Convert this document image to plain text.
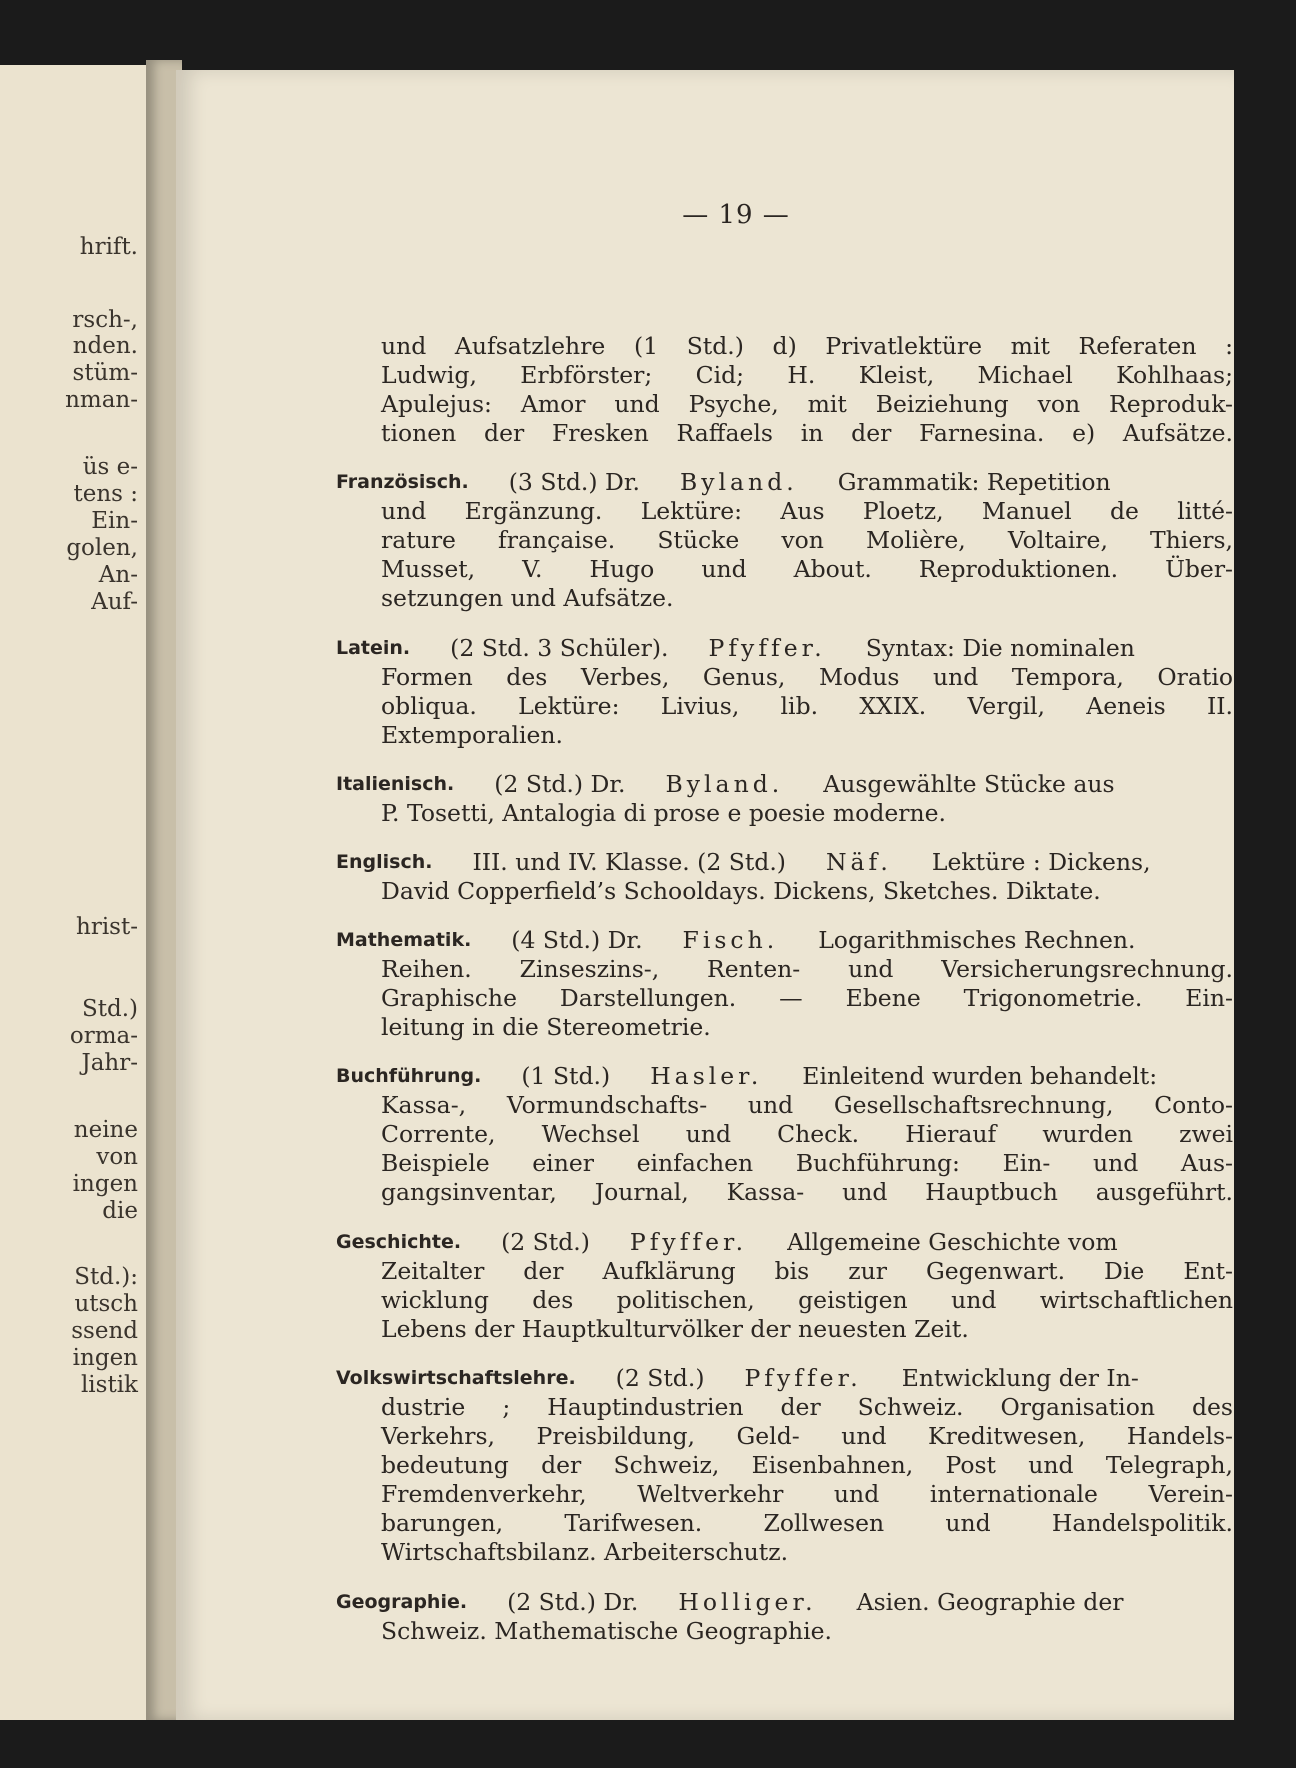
hrift.
rsch-,
nden.
stüm-
nman-
üs e-
tens :
Ein-
golen,
An-
Auf-
hrist-
Std.)
orma-
Jahr-
neine
von
ingen
die
Std.):
utsch
ssend
ingen
listik
— 19 —
und Aufsatzlehre (1 Std.) d) Privatlektüre mit Referaten :
Ludwig, Erbförster; Cid; H. Kleist, Michael Kohlhaas;
Apulejus: Amor und Psyche, mit Beiziehung von Reproduk-
tionen der Fresken Raffaels in der Farnesina. e) Aufsätze.
Französisch. (3 Std.) Dr. Byland. Grammatik: Repetition
und Ergänzung. Lektüre: Aus Ploetz, Manuel de litté-
rature française. Stücke von Molière, Voltaire, Thiers,
Musset, V. Hugo und About. Reproduktionen. Über-
setzungen und Aufsätze.
Latein. (2 Std. 3 Schüler). Pfyffer. Syntax: Die nominalen
Formen des Verbes, Genus, Modus und Tempora, Oratio
obliqua. Lektüre: Livius, lib. XXIX. Vergil, Aeneis II.
Extemporalien.
Italienisch. (2 Std.) Dr. Byland. Ausgewählte Stücke aus
P. Tosetti, Antalogia di prose e poesie moderne.
Englisch. III. und IV. Klasse. (2 Std.) Näf. Lektüre : Dickens,
David Copperfield’s Schooldays. Dickens, Sketches. Diktate.
Mathematik. (4 Std.) Dr. Fisch. Logarithmisches Rechnen.
Reihen. Zinseszins-, Renten- und Versicherungsrechnung.
Graphische Darstellungen. — Ebene Trigonometrie. Ein-
leitung in die Stereometrie.
Buchführung. (1 Std.) Hasler. Einleitend wurden behandelt:
Kassa-, Vormundschafts- und Gesellschaftsrechnung, Conto-
Corrente, Wechsel und Check. Hierauf wurden zwei
Beispiele einer einfachen Buchführung: Ein- und Aus-
gangsinventar, Journal, Kassa- und Hauptbuch ausgeführt.
Geschichte. (2 Std.) Pfyffer. Allgemeine Geschichte vom
Zeitalter der Aufklärung bis zur Gegenwart. Die Ent-
wicklung des politischen, geistigen und wirtschaftlichen
Lebens der Hauptkulturvölker der neuesten Zeit.
Volkswirtschaftslehre. (2 Std.) Pfyffer. Entwicklung der In-
dustrie ; Hauptindustrien der Schweiz. Organisation des
Verkehrs, Preisbildung, Geld- und Kreditwesen, Handels-
bedeutung der Schweiz, Eisenbahnen, Post und Telegraph,
Fremdenverkehr, Weltverkehr und internationale Verein-
barungen, Tarifwesen. Zollwesen und Handelspolitik.
Wirtschaftsbilanz. Arbeiterschutz.
Geographie. (2 Std.) Dr. Holliger. Asien. Geographie der
Schweiz. Mathematische Geographie.
